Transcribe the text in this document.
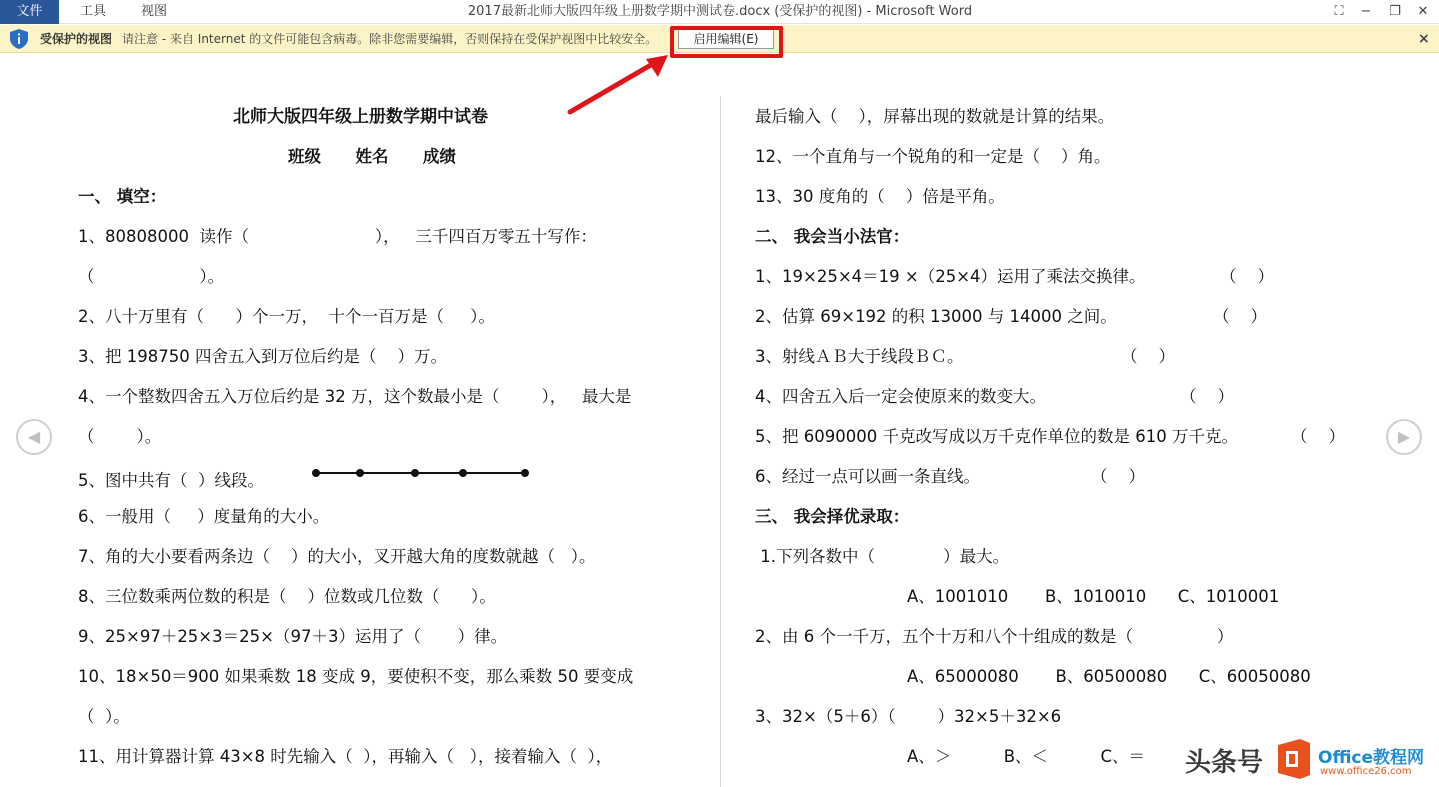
文件	工具	视图	2017最新北师大版四年级上册数学期中测试卷.docx (受保护的视图) - Microsoft Word	⛶	−	❐	✕
受保护的视图 请注意 - 来自 Internet 的文件可能包含病毒。除非您需要编辑，否则保持在受保护视图中比较安全。	启用编辑(E)	×
◀	▶
北师大版四年级上册数学期中试卷
班级      姓名      成绩
一、 填空：
1、80808000  读作（                        ），   三千四百万零五十写作：
（                    ）。
2、八十万里有（      ）个一万，  十个一百万是（     ）。
3、把 198750 四舍五入到万位后约是（    ）万。
4、一个整数四舍五入万位后约是 32 万，这个数最小是（        ），   最大是
（        ）。
5、图中共有（  ）线段。
6、一般用（     ）度量角的大小。
7、角的大小要看两条边（    ）的大小，叉开越大角的度数就越（   ）。
8、三位数乘两位数的积是（    ）位数或几位数（      ）。
9、25×97＋25×3＝25×（97＋3）运用了（       ）律。
10、18×50＝900 如果乘数 18 变成 9，要使积不变，那么乘数 50 要变成
（  ）。
11、用计算器计算 43×8 时先输入（  ），再输入（   ），接着输入（  ），
最后输入（    ），屏幕出现的数就是计算的结果。
12、一个直角与一个锐角的和一定是（    ）角。
13、30 度角的（    ）倍是平角。
二、 我会当小法官：
1、19×25×4＝19 ×（25×4）运用了乘法交换律。	（    ）
2、估算 69×192 的积 13000 与 14000 之间。	（    ）
3、射线ＡＢ大于线段ＢＣ。	（    ）
4、四舍五入后一定会使原来的数变大。	（    ）
5、把 6090000 千克改写成以万千克作单位的数是 610 万千克。	（    ）
6、经过一点可以画一条直线。	（    ）
三、 我会择优录取：
1.下列各数中（             ）最大。
A、1001010       B、1010010      C、1010001
2、由 6 个一千万，五个十万和八个十组成的数是（                ）
A、65000080       B、60500080      C、60050080
3、32×（5＋6）（        ）32×5＋32×6
A、＞          B、＜          C、＝ 头条号	Office教程网
www.office26.com
